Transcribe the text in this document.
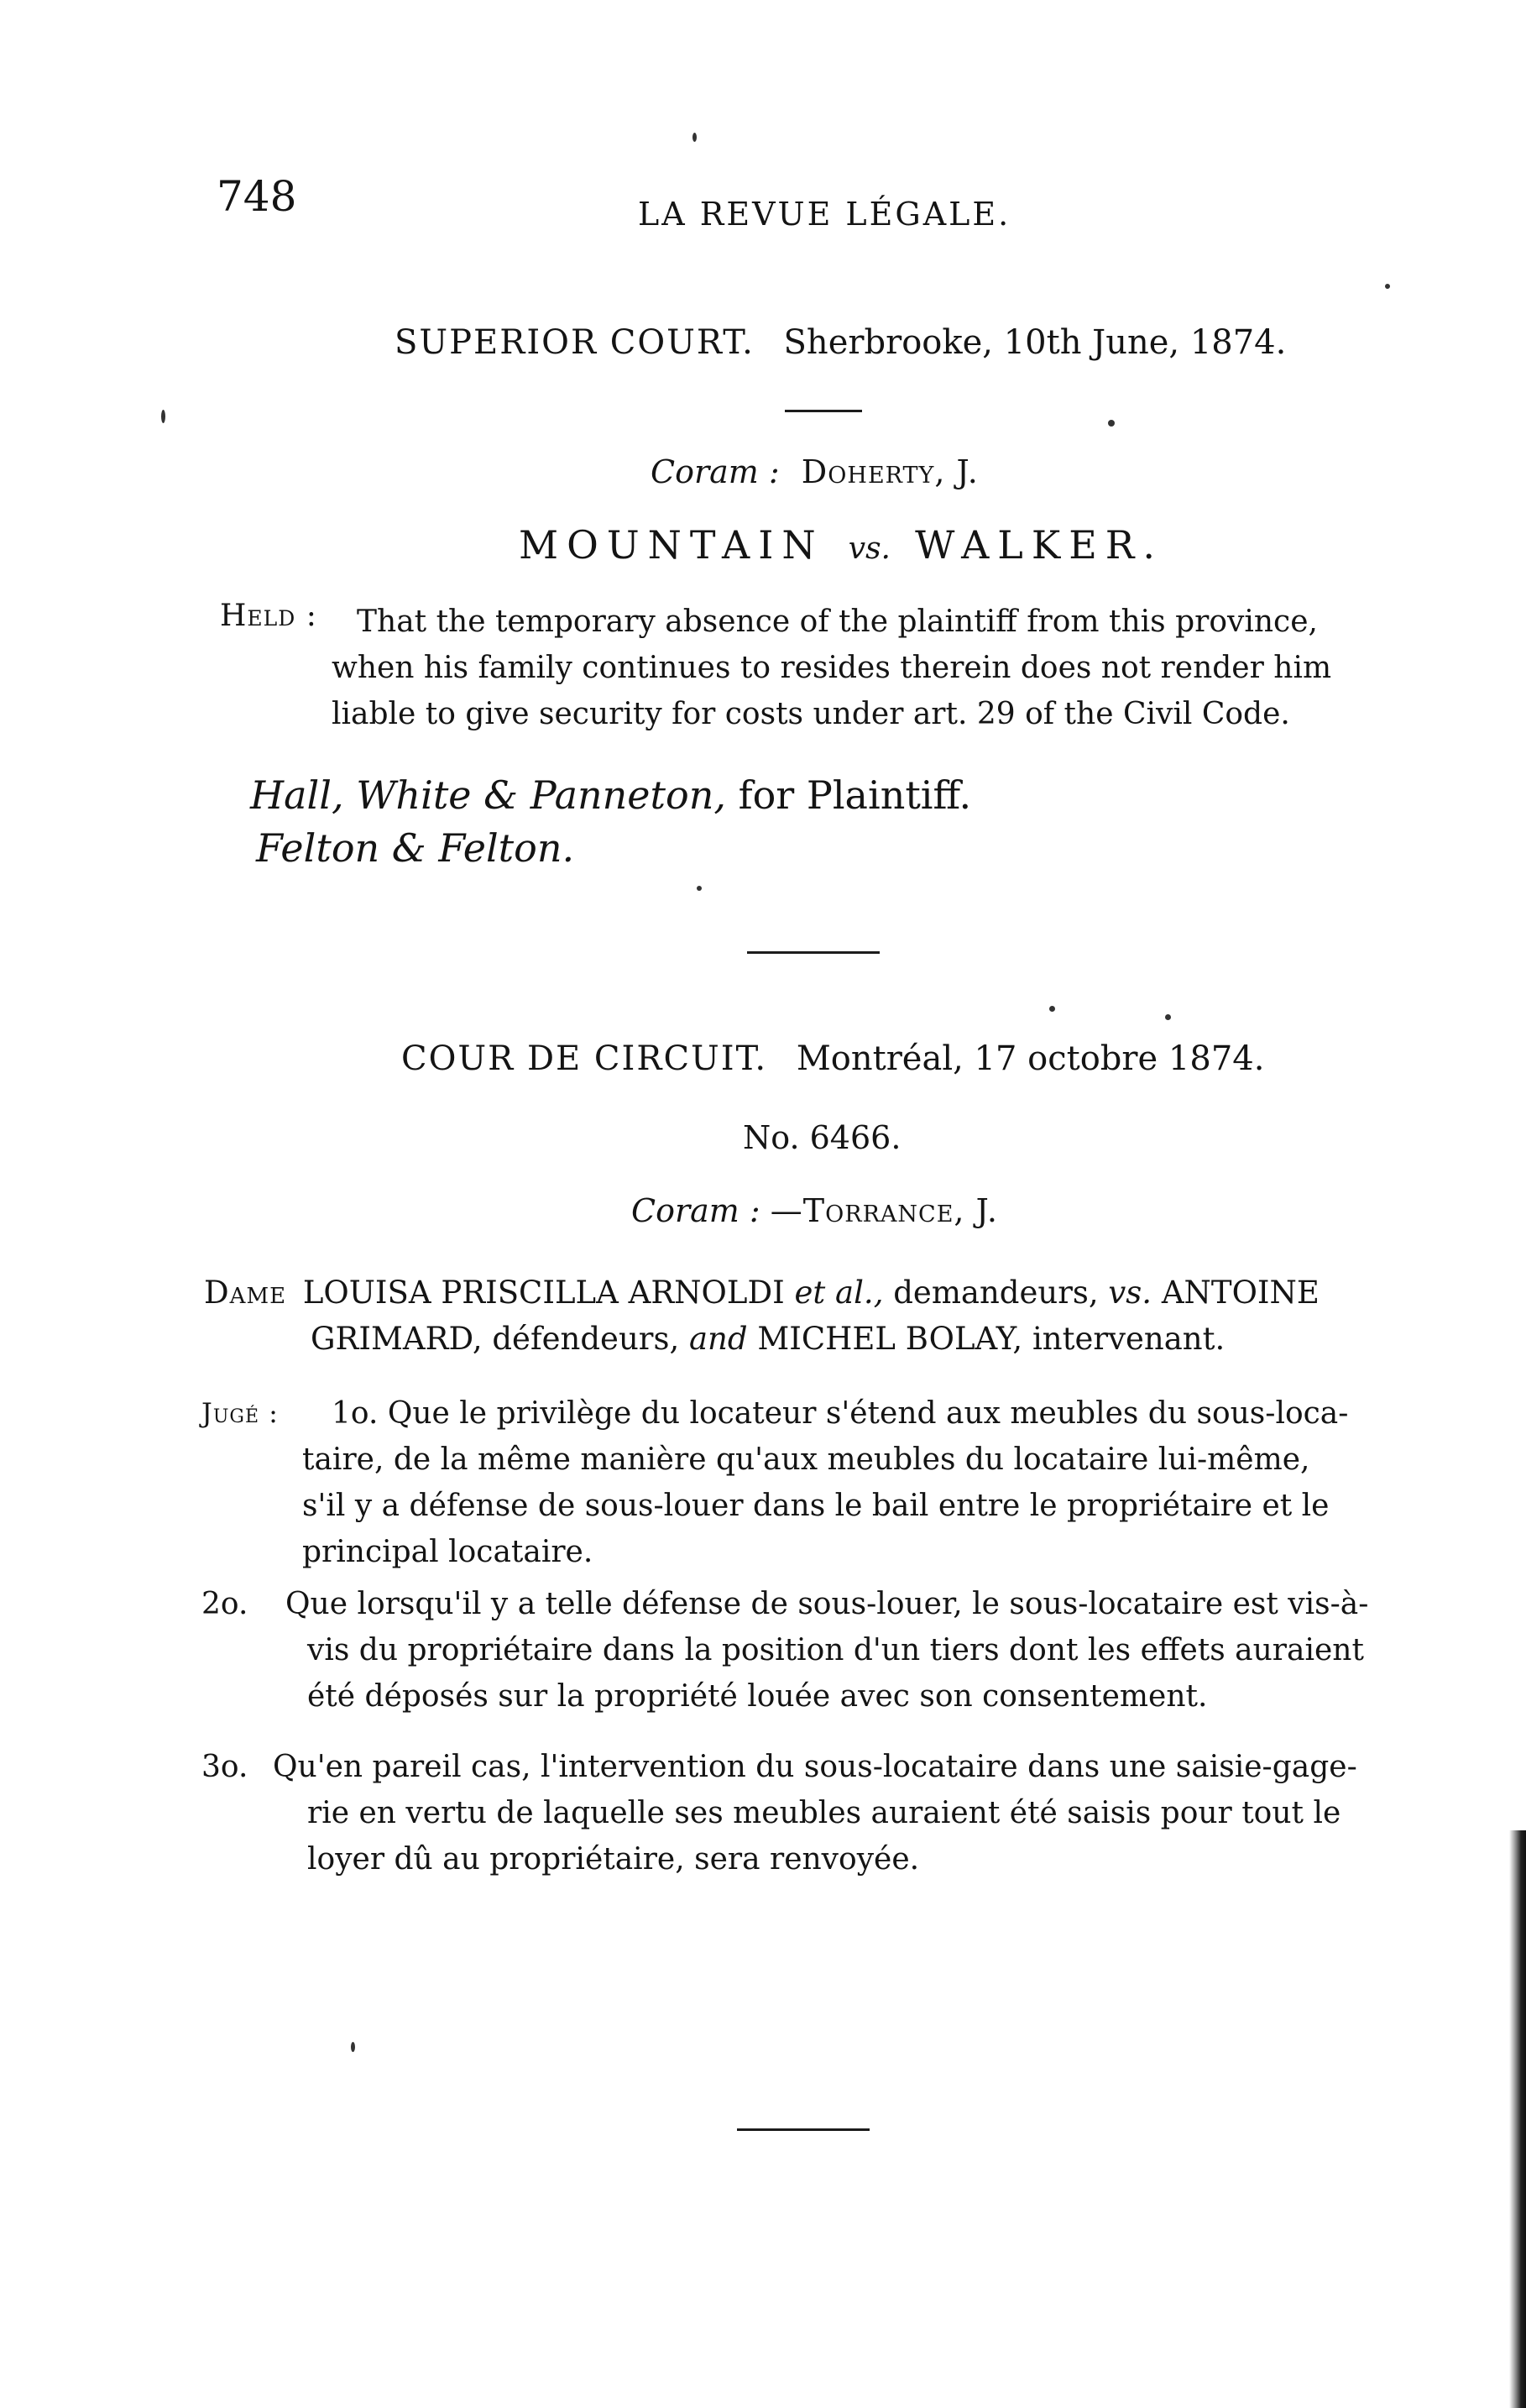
748	LA REVUE LÉGALE.
SUPERIOR COURT. Sherbrooke, 10th June, 1874.
Coram : Doherty, J.
MOUNTAIN vs. WALKER.
Held :	That the temporary absence of the plaintiff from this province,
when his family continues to resides therein does not render him
liable to give security for costs under art. 29 of the Civil Code.
Hall, White & Panneton, for Plaintiff.
Felton & Felton.
COUR DE CIRCUIT. Montréal, 17 octobre 1874.
No. 6466.
Coram : —Torrance, J.
Dame LOUISA PRISCILLA ARNOLDI et al., demandeurs, vs. ANTOINE
GRIMARD, défendeurs, and MICHEL BOLAY, intervenant.
Jugé :	1o. Que le privilège du locateur s'étend aux meubles du sous-loca-
taire, de la même manière qu'aux meubles du locataire lui-même,
s'il y a défense de sous-louer dans le bail entre le propriétaire et le
principal locataire.
2o. Que lorsqu'il y a telle défense de sous-louer, le sous-locataire est vis-à-
vis du propriétaire dans la position d'un tiers dont les effets auraient
été déposés sur la propriété louée avec son consentement.
3o. Qu'en pareil cas, l'intervention du sous-locataire dans une saisie-gage-
rie en vertu de laquelle ses meubles auraient été saisis pour tout le
loyer dû au propriétaire, sera renvoyée.
